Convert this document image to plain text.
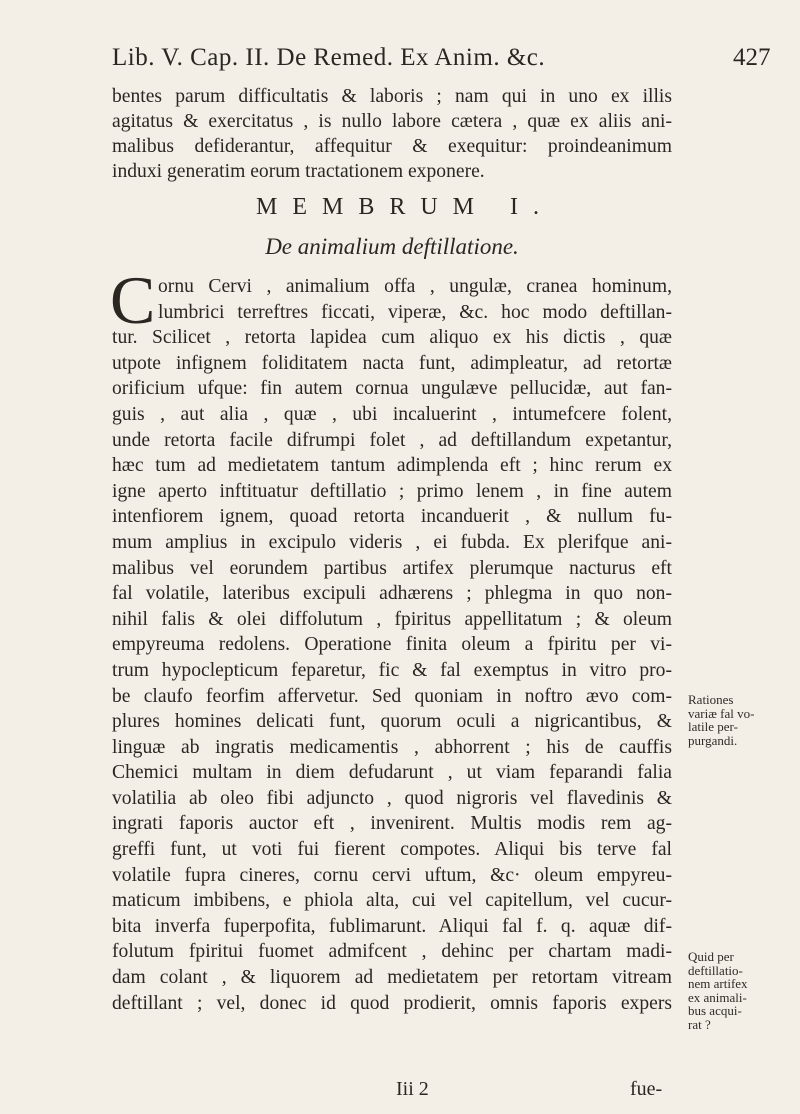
Lib. V. Cap. II. De Remed. Ex Anim. &c.	427
bentes parum difficultatis & laboris ; nam qui in uno ex illis
agitatus & exercitatus , is nullo labore cætera , quæ ex aliis ani-
malibus defiderantur, affequitur & exequitur: proindeanimum
induxi generatim eorum tractationem exponere.
MEMBRUM I.
De animalium deftillatione.
C ornu Cervi , animalium offa , ungulæ, cranea hominum,
lumbrici terreftres ficcati, viperæ, &c. hoc modo deftillan-
tur. Scilicet , retorta lapidea cum aliquo ex his dictis , quæ
utpote infignem foliditatem nacta funt, adimpleatur, ad retortæ
orificium ufque: fin autem cornua ungulæve pellucidæ, aut fan-
guis , aut alia , quæ , ubi incaluerint , intumefcere folent,
unde retorta facile difrumpi folet , ad deftillandum expetantur,
hæc tum ad medietatem tantum adimplenda eft ; hinc rerum ex
igne aperto inftituatur deftillatio ; primo lenem , in fine autem
intenfiorem ignem, quoad retorta incanduerit , & nullum fu-
mum amplius in excipulo videris , ei fubda. Ex plerifque ani-
malibus vel eorundem partibus artifex plerumque nacturus eft
fal volatile, lateribus excipuli adhærens ; phlegma in quo non-
nihil falis & olei diffolutum , fpiritus appellitatum ; & oleum
empyreuma redolens. Operatione finita oleum a fpiritu per vi-
trum hypoclepticum feparetur, fic & fal exemptus in vitro pro-
be claufo feorfim affervetur. Sed quoniam in noftro ævo com-
plures homines delicati funt, quorum oculi a nigricantibus, &
linguæ ab ingratis medicamentis , abhorrent ; his de cauffis
Chemici multam in diem defudarunt , ut viam feparandi falia
volatilia ab oleo fibi adjuncto , quod nigroris vel flavedinis &
ingrati faporis auctor eft , invenirent. Multis modis rem ag-
greffi funt, ut voti fui fierent compotes. Aliqui bis terve fal
volatile fupra cineres, cornu cervi uftum, &c· oleum empyreu-
maticum imbibens, e phiola alta, cui vel capitellum, vel cucur-
bita inverfa fuperpofita, fublimarunt. Aliqui fal f. q. aquæ dif-
folutum fpiritui fuomet admifcent , dehinc per chartam madi-
dam colant , & liquorem ad medietatem per retortam vitream
deftillant ; vel, donec id quod prodierit, omnis faporis expers
Rationes
variæ fal vo-
latile per-
purgandi.
Quid per
deftillatio-
nem artifex
ex animali-
bus acqui-
rat ?
Iii 2	fue-
